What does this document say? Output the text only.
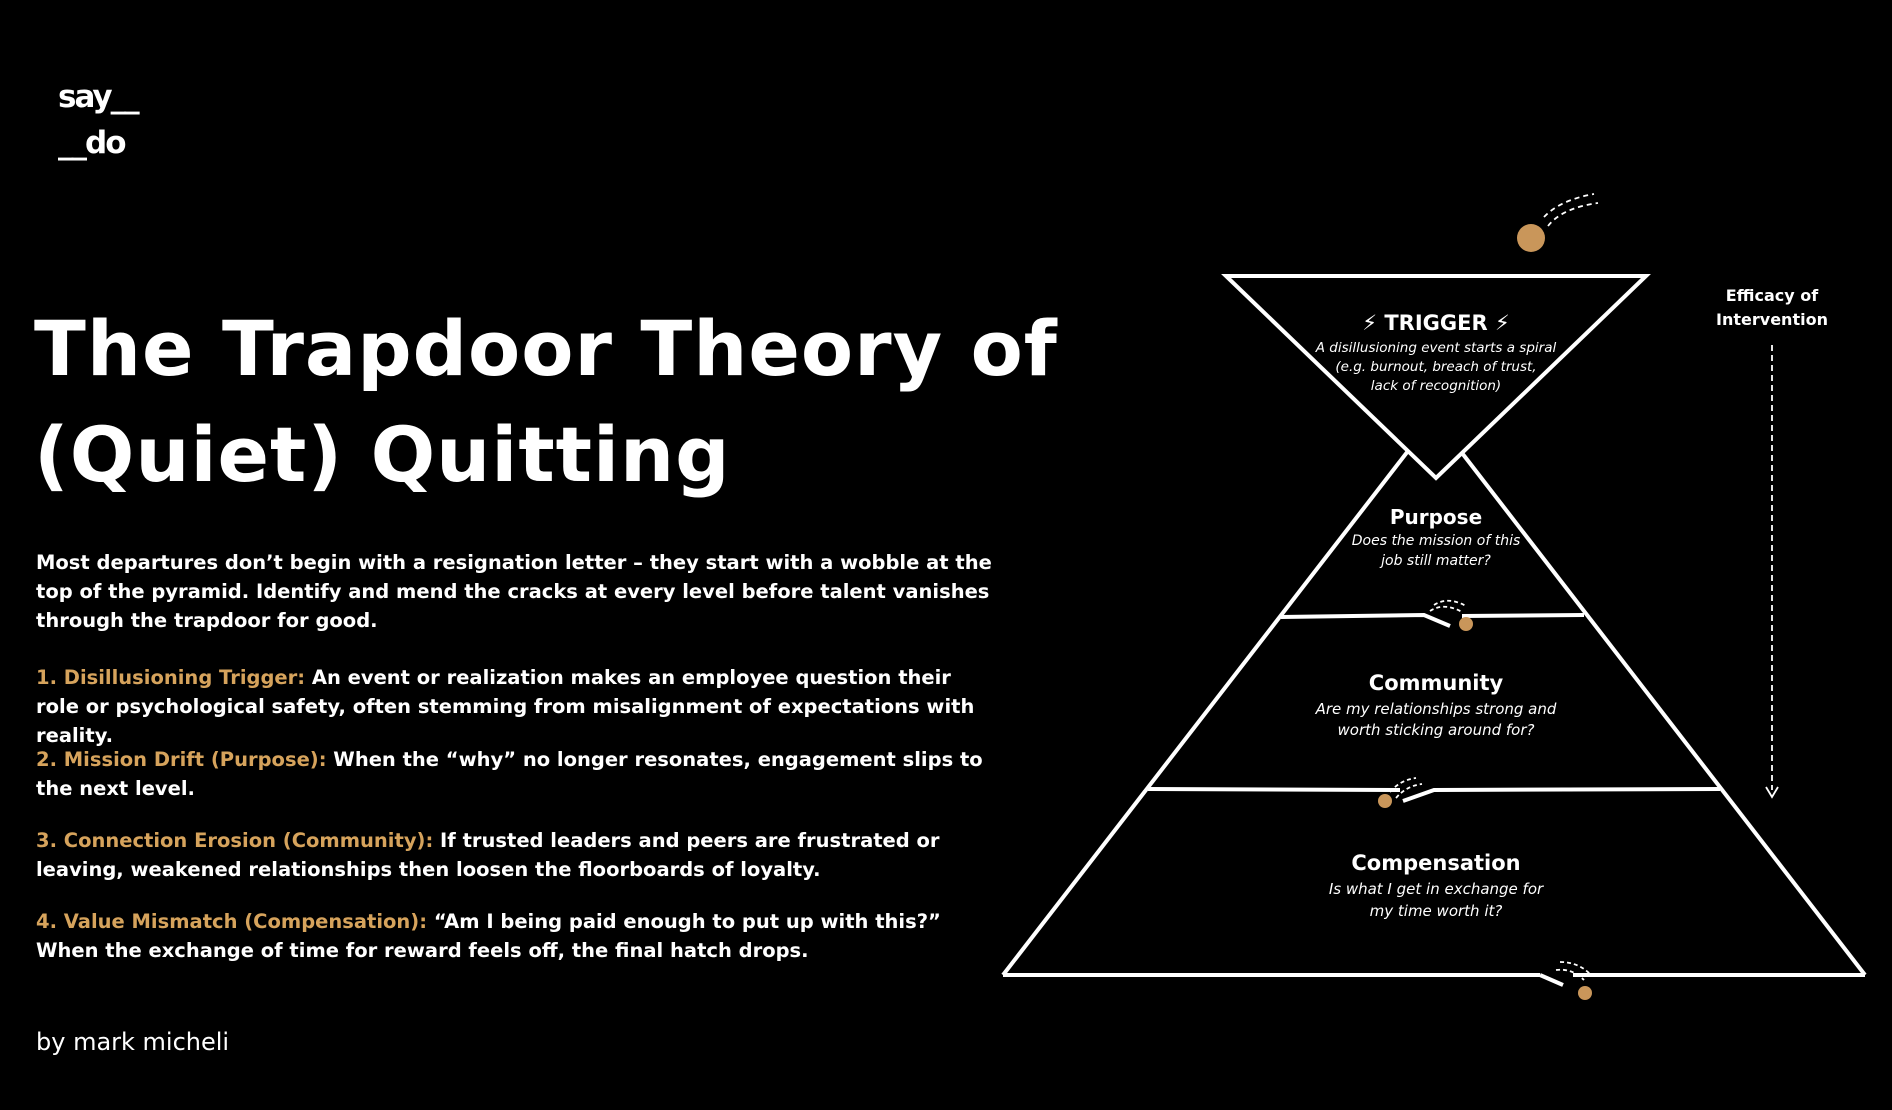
say__
__do
The Trapdoor Theory of
(Quiet) Quitting

Most departures don’t begin with a resignation letter – they start with a wobble at the top of the pyramid. Identify and mend the cracks at every level before talent vanishes through the trapdoor for good.

1. Disillusioning Trigger: An event or realization makes an employee question their role or psychological safety, often stemming from misalignment of expectations with reality.

2. Mission Drift (Purpose): When the “why” no longer resonates, engagement slips to the next level.

3. Connection Erosion (Community): If trusted leaders and peers are frustrated or leaving, weakened relationships then loosen the floorboards of loyalty.

4. Value Mismatch (Compensation): “Am I being paid enough to put up with this?” When the exchange of time for reward feels off, the final hatch drops.

by mark micheli
⚡ TRIGGER ⚡
A disillusioning event starts a spiral
(e.g. burnout, breach of trust,
lack of recognition)
Purpose
Does the mission of this
job still matter?
Community
Are my relationships strong and
worth sticking around for?
Compensation
Is what I get in exchange for
my time worth it?
Efficacy of
Intervention
